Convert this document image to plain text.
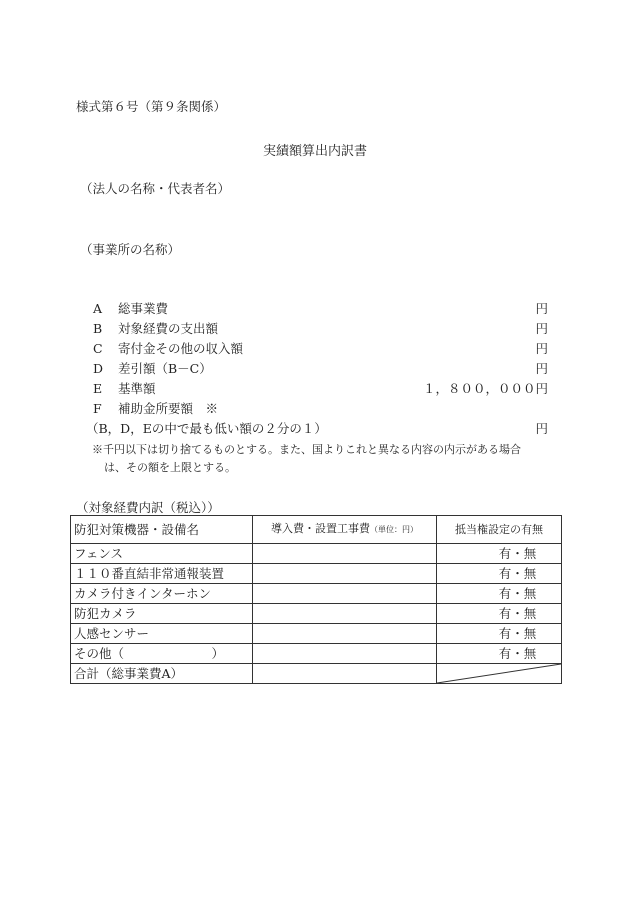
様式第６号（第９条関係）
実績額算出内訳書
（法人の名称・代表者名）
（事業所の名称）
A 総事業費	円
B 対象経費の支出額	円
C 寄付金その他の収入額	円
D 差引額（B－C）	円
E 基準額	１，８００，０００円
F 補助金所要額　※
（B，D，Eの中で最も低い額の２分の１）	円
※千円以下は切り捨てるものとする。また、国よりこれと異なる内容の内示がある場合
は、その額を上限とする。
（対象経費内訳（税込））
防犯対策機器・設備名	導入費・設置工事費（単位：円）	抵当権設定の有無
フェンス		有・無
１１０番直結非常通報装置		有・無
カメラ付きインターホン		有・無
防犯カメラ		有・無
人感センサー		有・無
その他（　　　　　　　）		有・無
合計（総事業費A）		
